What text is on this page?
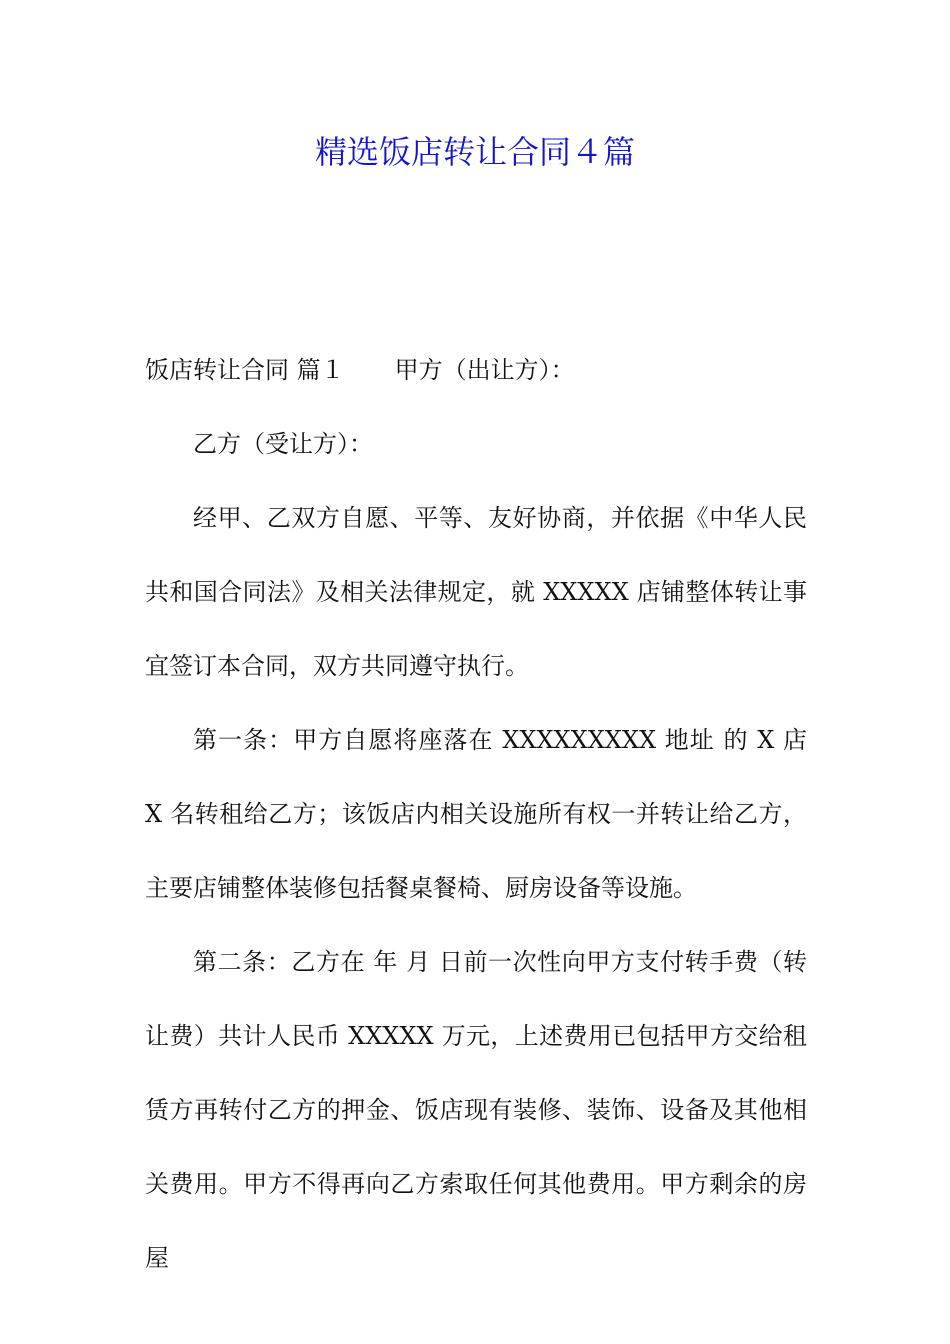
精选饭店转让合同４篇

饭店转让合同 篇１ 甲方（出让方）：

乙方（受让方）：

经甲、乙双方自愿、平等、友好协商，并依据《中华人民共和国合同法》及相关法律规定，就 XXXXX 店铺整体转让事宜签订本合同，双方共同遵守执行。

第一条：甲方自愿将座落在 XXXXXXXXX 地址 的 X 店 X 名转租给乙方；该饭店内相关设施所有权一并转让给乙方，主要店铺整体装修包括餐桌餐椅、厨房设备等设施。

第二条：乙方在 年 月 日前一次性向甲方支付转手费（转让费）共计人民币 XXXXX 万元，上述费用已包括甲方交给租赁方再转付乙方的押金、饭店现有装修、装饰、设备及其他相关费用。甲方不得再向乙方索取任何其他费用。甲方剩余的房屋
